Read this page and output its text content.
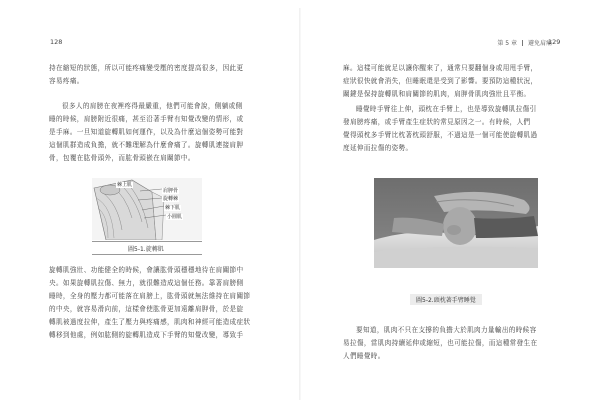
128
持在縮短的狀態，所以可能疼痛變受壓的密度提高很多，因此更
容易疼痛。
很多人的肩膀在夜裡疼得最嚴重，他們可能會說，側躺或側
睡的時候，肩膀附近很痛，甚至沿著手臂有知覺改變的情形，或
是手麻。一旦知道旋轉肌如何運作，以及為什麼這個姿勢可能對
這個肌群造成負擔，就不難理解為什麼會痛了。旋轉肌連接肩胛
骨，包覆在肱骨頭外，而肱骨頭嵌在肩關節中。
棘上肌
肩胛骨
旋轉棘
棘下肌
小圓肌
圖5-1.旋轉肌
旋轉肌強壯、功能健全的時候，會讓肱骨頭穩穩地待在肩關節中
央。如果旋轉肌拉傷、無力，就很難造成這個任務。靠著肩膀側
睡時，全身的壓力都可能落在肩膀上，肱骨頭就無法維持在肩關節
的中央，就容易滑向前，這樣會使肱骨更加遠離肩胛骨，於是旋
轉肌被過度拉伸，產生了壓力與疼痛感，肌肉和神經可能造成症狀
轉移到他處，例如肱側的旋轉肌造成下手臂的知覺改變，導致手
第 5 章 避免肩痛
129
麻。這樣可能就足以讓你醒來了，通常只要翻個身或用甩手臂，
症狀很快就會消失，但睡眠還是受到了影響。要預防這種狀況，
關鍵是保持旋轉肌和肩關節的肌肉，肩胛骨肌肉強壯且平衡。
睡覺時手臂往上伸，頭枕在手臂上，也是導致旋轉肌拉傷引
發肩膀疼痛，或手臂產生症狀的常見原因之一。有時候，人們
覺得頭枕多手臂比枕著枕頭舒服，不過這是一個可能使旋轉肌過
度延伸而拉傷的姿勢。
圖5-2.頭枕著手臂睡覺
要知道，肌肉不只在支撐的負擔大於肌肉力量輸出的時候容
易拉傷，當肌肉持續延伸或縮短，也可能拉傷，而這種常發生在
人們睡覺時。
